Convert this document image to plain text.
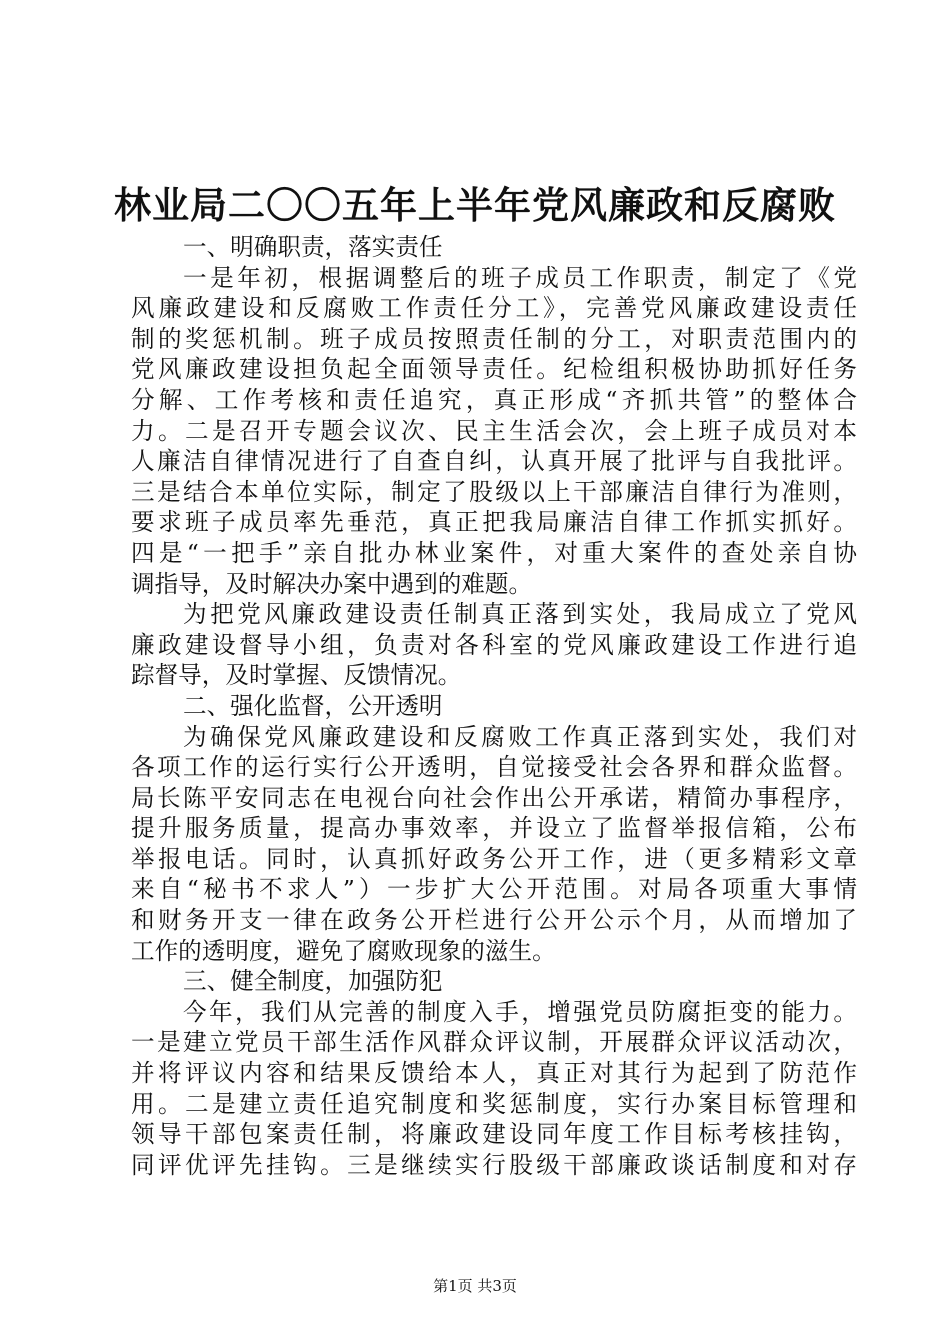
林业局二〇〇五年上半年党风廉政和反腐败
一、明确职责，落实责任
一是年初，根据调整后的班子成员工作职责，制定了《党
风廉政建设和反腐败工作责任分工》，完善党风廉政建设责任
制的奖惩机制。班子成员按照责任制的分工，对职责范围内的
党风廉政建设担负起全面领导责任。纪检组积极协助抓好任务
分解、工作考核和责任追究，真正形成“齐抓共管”的整体合
力。二是召开专题会议次、民主生活会次，会上班子成员对本
人廉洁自律情况进行了自查自纠，认真开展了批评与自我批评。
三是结合本单位实际，制定了股级以上干部廉洁自律行为准则，
要求班子成员率先垂范，真正把我局廉洁自律工作抓实抓好。
四是“一把手”亲自批办林业案件，对重大案件的查处亲自协
调指导，及时解决办案中遇到的难题。
为把党风廉政建设责任制真正落到实处，我局成立了党风
廉政建设督导小组，负责对各科室的党风廉政建设工作进行追
踪督导，及时掌握、反馈情况。
二、强化监督，公开透明
为确保党风廉政建设和反腐败工作真正落到实处，我们对
各项工作的运行实行公开透明，自觉接受社会各界和群众监督。
局长陈平安同志在电视台向社会作出公开承诺，精简办事程序，
提升服务质量，提高办事效率，并设立了监督举报信箱，公布
举报电话。同时，认真抓好政务公开工作，进（更多精彩文章
来自“秘书不求人”）一步扩大公开范围。对局各项重大事情
和财务开支一律在政务公开栏进行公开公示个月，从而增加了
工作的透明度，避免了腐败现象的滋生。
三、健全制度，加强防犯
今年，我们从完善的制度入手，增强党员防腐拒变的能力。
一是建立党员干部生活作风群众评议制，开展群众评议活动次，
并将评议内容和结果反馈给本人，真正对其行为起到了防范作
用。二是建立责任追究制度和奖惩制度，实行办案目标管理和
领导干部包案责任制，将廉政建设同年度工作目标考核挂钩，
同评优评先挂钩。三是继续实行股级干部廉政谈话制度和对存
第1页 共3页
